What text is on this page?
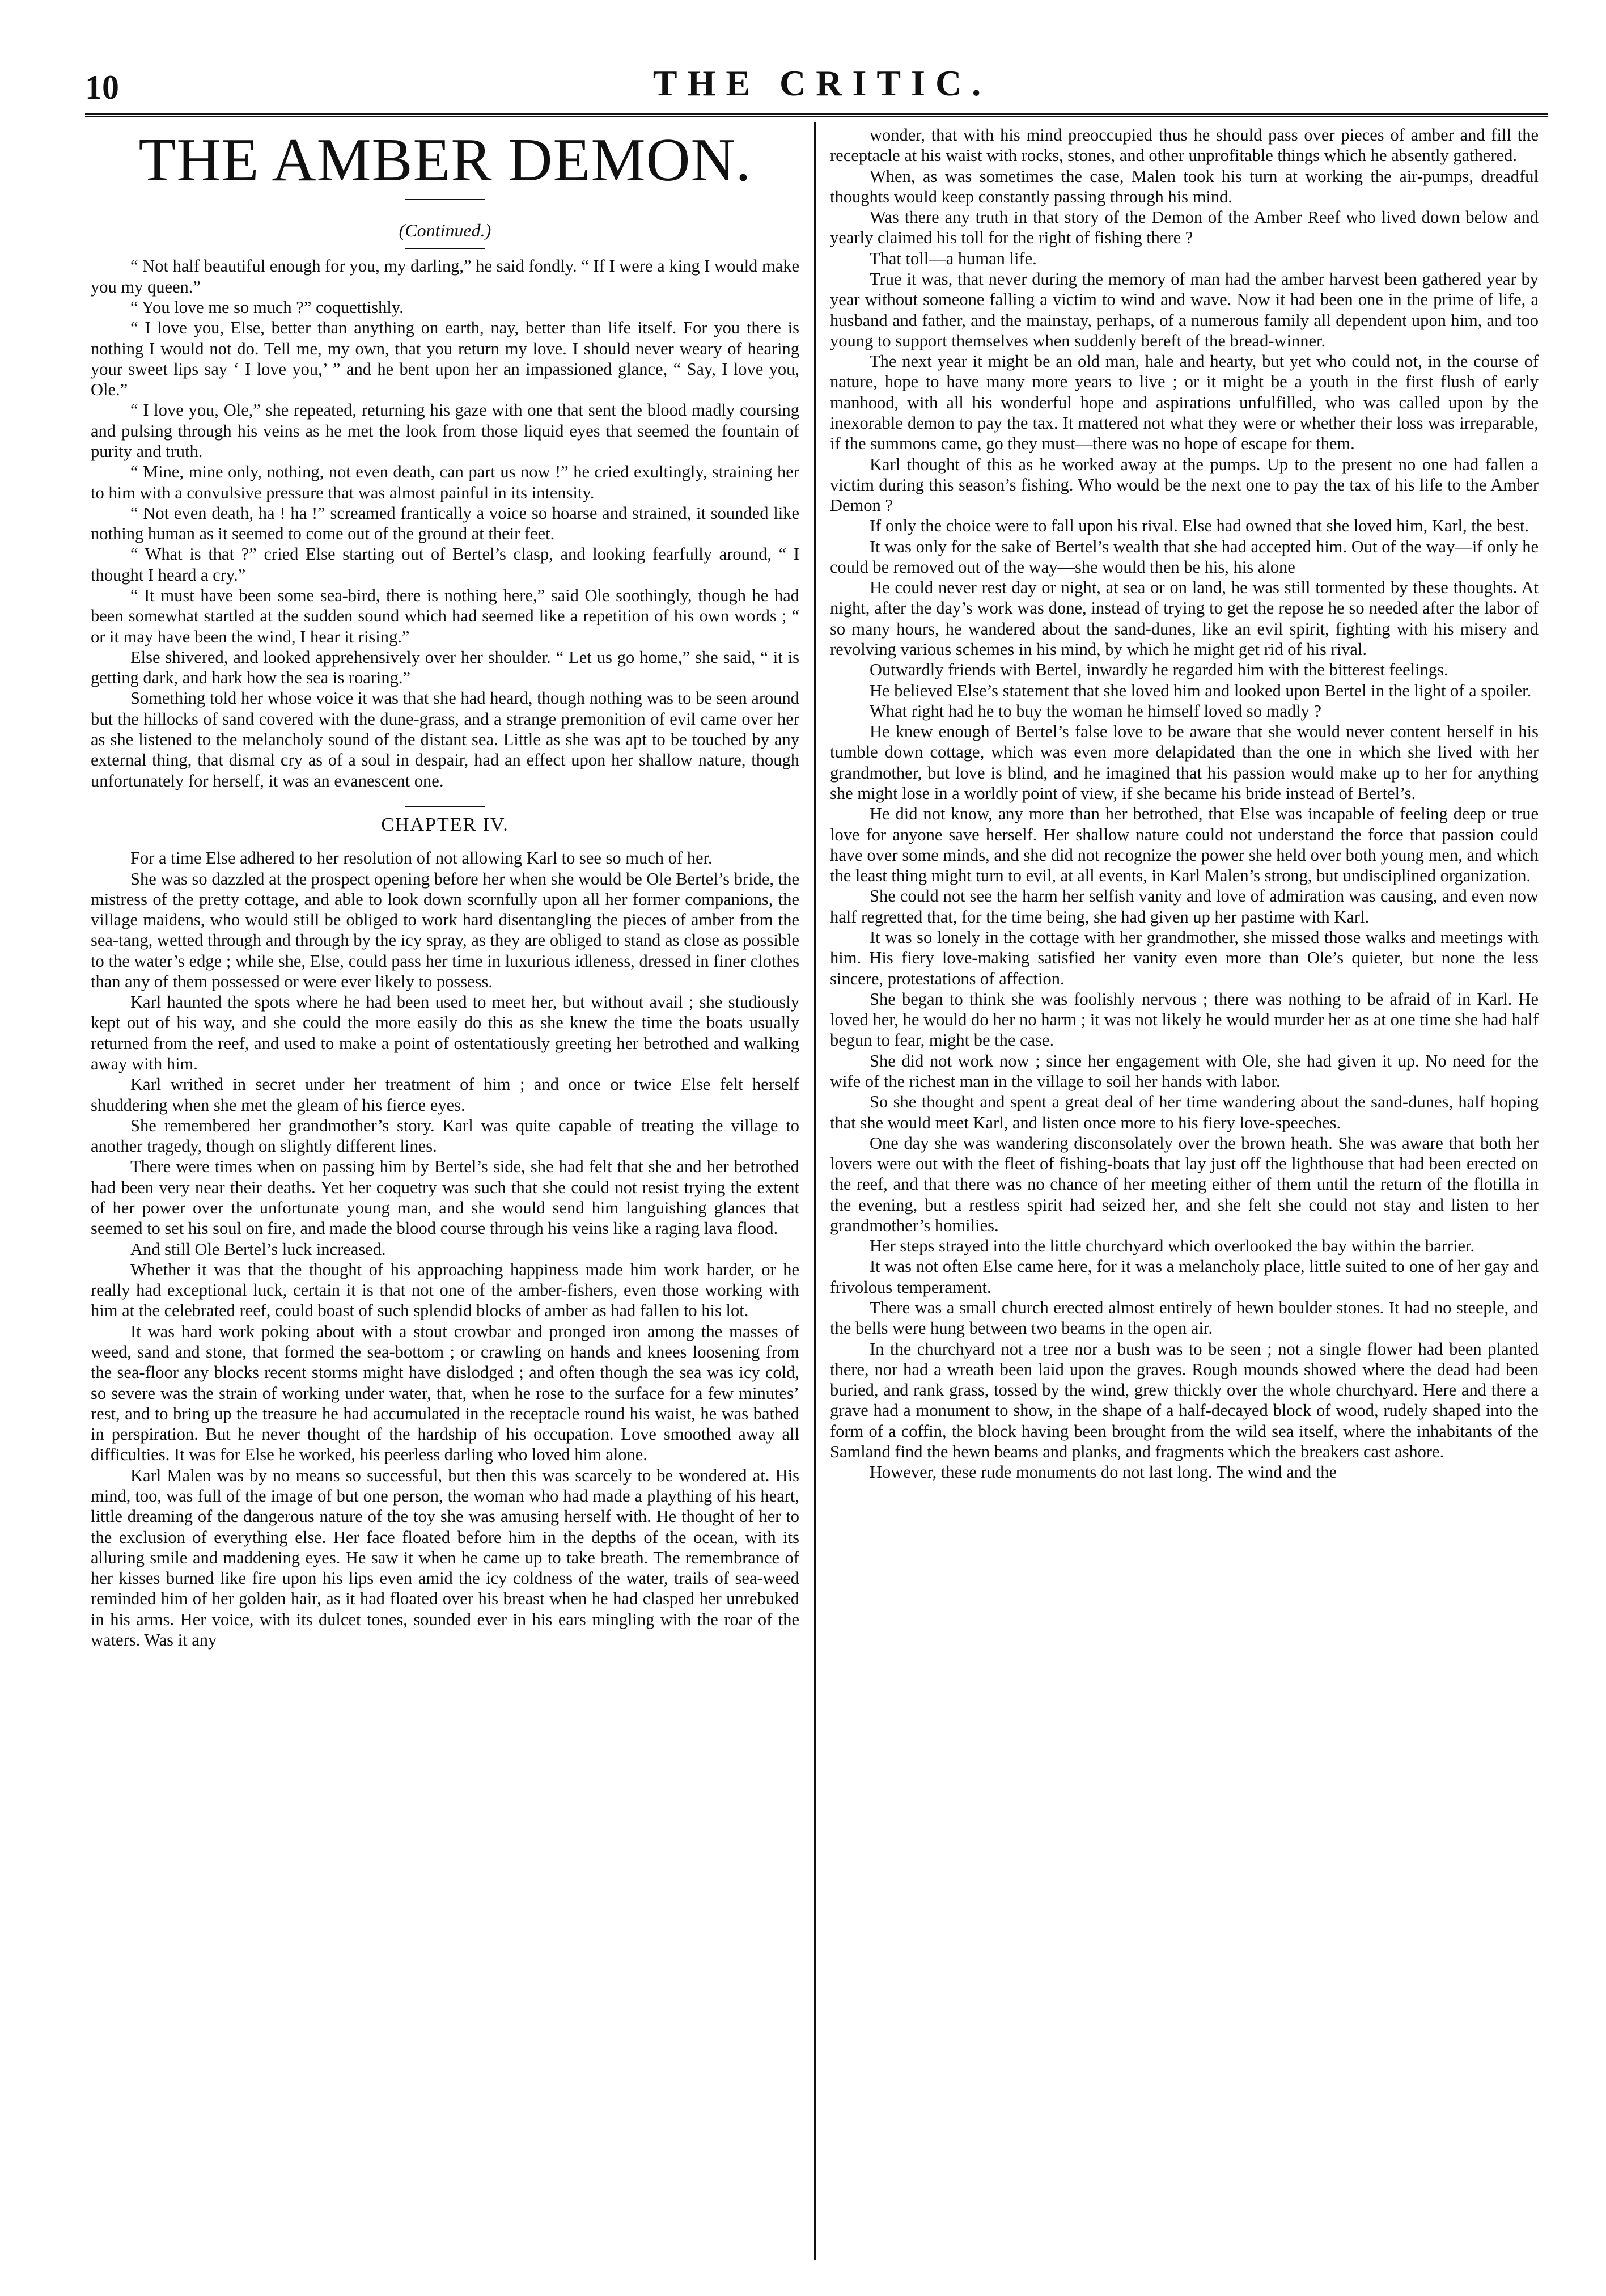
10	THE CRITIC.
THE AMBER DEMON.
(Continued.)

“ Not half beautiful enough for you, my darling,” he said fondly. “ If I were a king I would make you my queen.”

“ You love me so much ?” coquettishly.

“ I love you, Else, better than anything on earth, nay, better than life itself. For you there is nothing I would not do. Tell me, my own, that you return my love. I should never weary of hearing your sweet lips say ‘ I love you,’ ” and he bent upon her an impassioned glance, “ Say, I love you, Ole.”

“ I love you, Ole,” she repeated, returning his gaze with one that sent the blood madly coursing and pulsing through his veins as he met the look from those liquid eyes that seemed the fountain of purity and truth.

“ Mine, mine only, nothing, not even death, can part us now !” he cried exultingly, straining her to him with a convulsive pressure that was almost painful in its intensity.

“ Not even death, ha ! ha !” screamed frantically a voice so hoarse and strained, it sounded like nothing human as it seemed to come out of the ground at their feet.

“ What is that ?” cried Else starting out of Bertel’s clasp, and looking fearfully around, “ I thought I heard a cry.”

“ It must have been some sea-bird, there is nothing here,” said Ole soothingly, though he had been somewhat startled at the sudden sound which had seemed like a repetition of his own words ; “ or it may have been the wind, I hear it rising.”

Else shivered, and looked apprehensively over her shoulder. “ Let us go home,” she said, “ it is getting dark, and hark how the sea is roaring.”

Something told her whose voice it was that she had heard, though nothing was to be seen around but the hillocks of sand covered with the dune-grass, and a strange premonition of evil came over her as she listened to the melancholy sound of the distant sea. Little as she was apt to be touched by any external thing, that dismal cry as of a soul in despair, had an effect upon her shallow nature, though unfortunately for herself, it was an evanescent one.

CHAPTER IV.

For a time Else adhered to her resolution of not allowing Karl to see so much of her.

She was so dazzled at the prospect opening before her when she would be Ole Bertel’s bride, the mistress of the pretty cottage, and able to look down scornfully upon all her former companions, the village maidens, who would still be obliged to work hard disentangling the pieces of amber from the sea-tang, wetted through and through by the icy spray, as they are obliged to stand as close as possible to the water’s edge ; while she, Else, could pass her time in luxurious idleness, dressed in finer clothes than any of them possessed or were ever likely to possess.

Karl haunted the spots where he had been used to meet her, but without avail ; she studiously kept out of his way, and she could the more easily do this as she knew the time the boats usually returned from the reef, and used to make a point of ostentatiously greeting her betrothed and walking away with him.

Karl writhed in secret under her treatment of him ; and once or twice Else felt herself shuddering when she met the gleam of his fierce eyes.

She remembered her grandmother’s story. Karl was quite capable of treating the village to another tragedy, though on slightly different lines.

There were times when on passing him by Bertel’s side, she had felt that she and her betrothed had been very near their deaths. Yet her coquetry was such that she could not resist trying the extent of her power over the unfortunate young man, and she would send him languishing glances that seemed to set his soul on fire, and made the blood course through his veins like a raging lava flood.

And still Ole Bertel’s luck increased.

Whether it was that the thought of his approaching happiness made him work harder, or he really had exceptional luck, certain it is that not one of the amber-fishers, even those working with him at the celebrated reef, could boast of such splendid blocks of amber as had fallen to his lot.

It was hard work poking about with a stout crowbar and pronged iron among the masses of weed, sand and stone, that formed the sea-bottom ; or crawling on hands and knees loosening from the sea-floor any blocks recent storms might have dislodged ; and often though the sea was icy cold, so severe was the strain of working under water, that, when he rose to the surface for a few minutes’ rest, and to bring up the treasure he had accumulated in the receptacle round his waist, he was bathed in perspiration. But he never thought of the hardship of his occupation. Love smoothed away all difficulties. It was for Else he worked, his peerless darling who loved him alone.

Karl Malen was by no means so successful, but then this was scarcely to be wondered at. His mind, too, was full of the image of but one person, the woman who had made a plaything of his heart, little dreaming of the dangerous nature of the toy she was amusing herself with. He thought of her to the exclusion of everything else. Her face floated before him in the depths of the ocean, with its alluring smile and maddening eyes. He saw it when he came up to take breath. The remembrance of her kisses burned like fire upon his lips even amid the icy coldness of the water, trails of sea-weed reminded him of her golden hair, as it had floated over his breast when he had clasped her unrebuked in his arms. Her voice, with its dulcet tones, sounded ever in his ears mingling with the roar of the waters. Was it any

wonder, that with his mind preoccupied thus he should pass over pieces of amber and fill the receptacle at his waist with rocks, stones, and other unprofitable things which he absently gathered.

When, as was sometimes the case, Malen took his turn at working the air-pumps, dreadful thoughts would keep constantly passing through his mind.

Was there any truth in that story of the Demon of the Amber Reef who lived down below and yearly claimed his toll for the right of fishing there ?

That toll—a human life.

True it was, that never during the memory of man had the amber harvest been gathered year by year without someone falling a victim to wind and wave. Now it had been one in the prime of life, a husband and father, and the mainstay, perhaps, of a numerous family all dependent upon him, and too young to support themselves when suddenly bereft of the bread-winner.

The next year it might be an old man, hale and hearty, but yet who could not, in the course of nature, hope to have many more years to live ; or it might be a youth in the first flush of early manhood, with all his wonderful hope and aspirations unfulfilled, who was called upon by the inexorable demon to pay the tax. It mattered not what they were or whether their loss was irreparable, if the summons came, go they must—there was no hope of escape for them.

Karl thought of this as he worked away at the pumps. Up to the present no one had fallen a victim during this season’s fishing. Who would be the next one to pay the tax of his life to the Amber Demon ?

If only the choice were to fall upon his rival. Else had owned that she loved him, Karl, the best.

It was only for the sake of Bertel’s wealth that she had accepted him. Out of the way—if only he could be removed out of the way—she would then be his, his alone

He could never rest day or night, at sea or on land, he was still tormented by these thoughts. At night, after the day’s work was done, instead of trying to get the repose he so needed after the labor of so many hours, he wandered about the sand-dunes, like an evil spirit, fighting with his misery and revolving various schemes in his mind, by which he might get rid of his rival.

Outwardly friends with Bertel, inwardly he regarded him with the bitterest feelings.

He believed Else’s statement that she loved him and looked upon Bertel in the light of a spoiler.

What right had he to buy the woman he himself loved so madly ?

He knew enough of Bertel’s false love to be aware that she would never content herself in his tumble down cottage, which was even more delapidated than the one in which she lived with her grandmother, but love is blind, and he imagined that his passion would make up to her for anything she might lose in a worldly point of view, if she became his bride instead of Bertel’s.

He did not know, any more than her betrothed, that Else was incapable of feeling deep or true love for anyone save herself. Her shallow nature could not understand the force that passion could have over some minds, and she did not recognize the power she held over both young men, and which the least thing might turn to evil, at all events, in Karl Malen’s strong, but undisciplined organization.

She could not see the harm her selfish vanity and love of admiration was causing, and even now half regretted that, for the time being, she had given up her pastime with Karl.

It was so lonely in the cottage with her grandmother, she missed those walks and meetings with him. His fiery love-making satisfied her vanity even more than Ole’s quieter, but none the less sincere, protestations of affection.

She began to think she was foolishly nervous ; there was nothing to be afraid of in Karl. He loved her, he would do her no harm ; it was not likely he would murder her as at one time she had half begun to fear, might be the case.

She did not work now ; since her engagement with Ole, she had given it up. No need for the wife of the richest man in the village to soil her hands with labor.

So she thought and spent a great deal of her time wandering about the sand-dunes, half hoping that she would meet Karl, and listen once more to his fiery love-speeches.

One day she was wandering disconsolately over the brown heath. She was aware that both her lovers were out with the fleet of fishing-boats that lay just off the lighthouse that had been erected on the reef, and that there was no chance of her meeting either of them until the return of the flotilla in the evening, but a restless spirit had seized her, and she felt she could not stay and listen to her grandmother’s homilies.

Her steps strayed into the little churchyard which overlooked the bay within the barrier.

It was not often Else came here, for it was a melancholy place, little suited to one of her gay and frivolous temperament.

There was a small church erected almost entirely of hewn boulder stones. It had no steeple, and the bells were hung between two beams in the open air.

In the churchyard not a tree nor a bush was to be seen ; not a single flower had been planted there, nor had a wreath been laid upon the graves. Rough mounds showed where the dead had been buried, and rank grass, tossed by the wind, grew thickly over the whole churchyard. Here and there a grave had a monument to show, in the shape of a half-decayed block of wood, rudely shaped into the form of a coffin, the block having been brought from the wild sea itself, where the inhabitants of the Samland find the hewn beams and planks, and fragments which the breakers cast ashore.

However, these rude monuments do not last long. The wind and the
